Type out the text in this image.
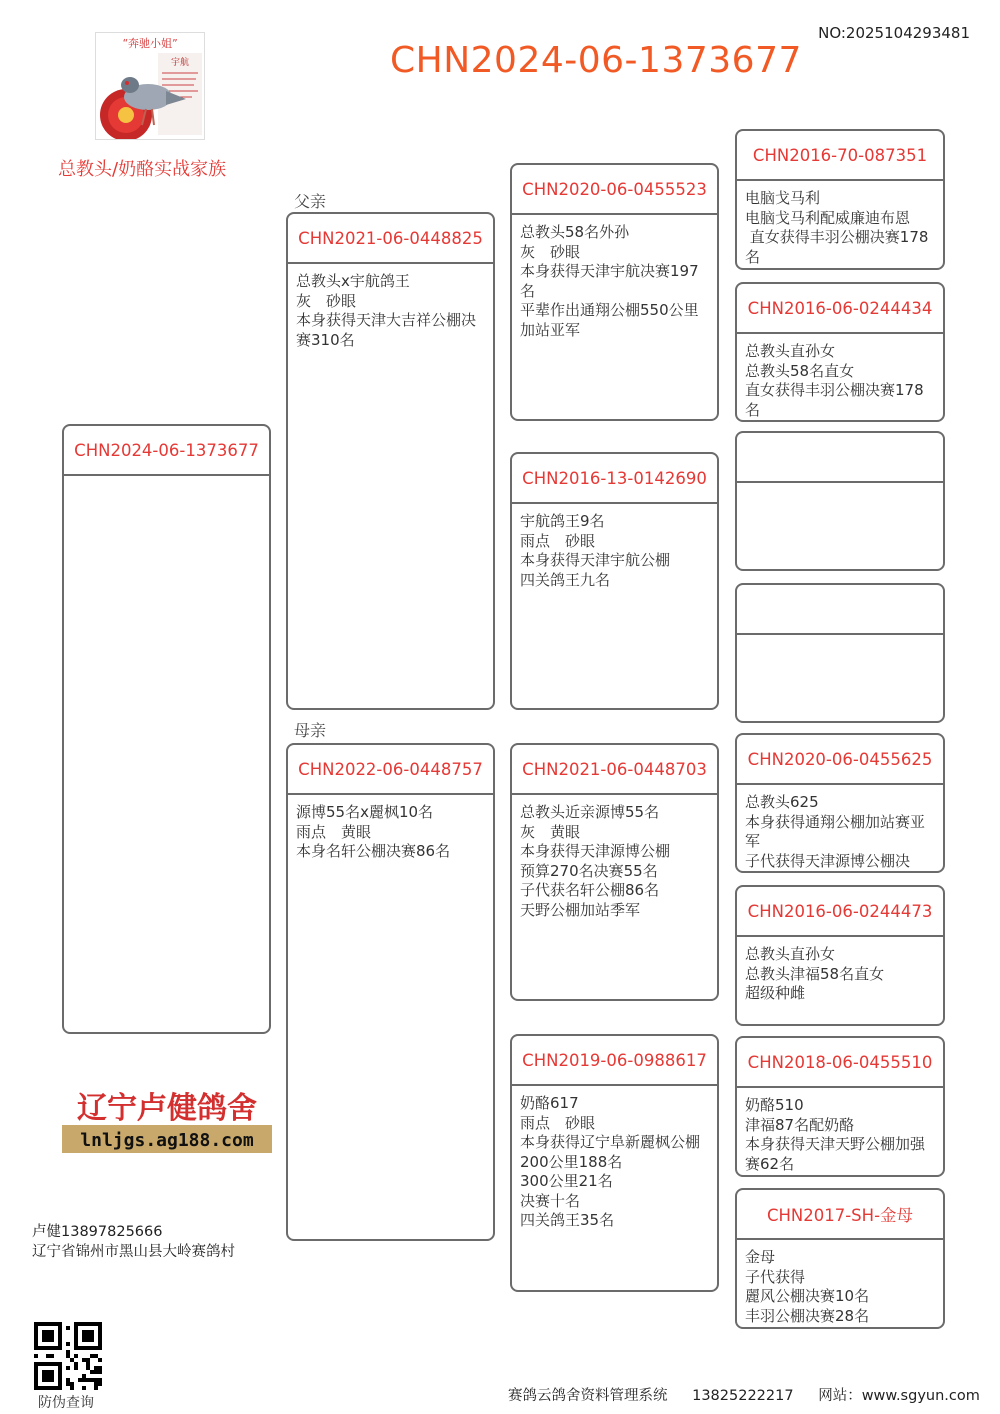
NO:2025104293481
CHN2024-06-1373677
“奔驰小姐”
宇航
总教头/奶酪实战家族
父亲
母亲
CHN2024-06-1373677
CHN2021-06-0448825
总教头x宇航鸽王
灰　砂眼
本身获得天津大吉祥公棚决赛310名
CHN2022-06-0448757
源博55名x麗枫10名
雨点　黄眼
本身名轩公棚决赛86名
CHN2020-06-0455523
总教头58名外孙
灰　砂眼
本身获得天津宇航决赛197名
平辈作出通翔公棚550公里加站亚军
CHN2016-13-0142690
宇航鸽王9名
雨点　砂眼
本身获得天津宇航公棚
四关鸽王九名
CHN2021-06-0448703
总教头近亲源博55名
灰　黄眼
本身获得天津源博公棚
预算270名决赛55名
子代获名轩公棚86名
天野公棚加站季军
CHN2019-06-0988617
奶酪617
雨点　砂眼
本身获得辽宁阜新麗枫公棚
200公里188名
300公里21名
决赛十名
四关鸽王35名
CHN2016-70-087351
电脑戈马利
电脑戈马利配威廉迪布恩
直女获得丰羽公棚决赛178名
CHN2016-06-0244434
总教头直孙女
总教头58名直女
直女获得丰羽公棚决赛178名
CHN2020-06-0455625
总教头625
本身获得通翔公棚加站赛亚军
子代获得天津源博公棚决
CHN2016-06-0244473
总教头直孙女
总教头津福58名直女
超级种雌
CHN2018-06-0455510
奶酪510
津福87名配奶酪
本身获得天津天野公棚加强赛62名
CHN2017-SH-金母
金母
子代获得
麗风公棚决赛10名
丰羽公棚决赛28名
辽宁卢健鸽舍
lnljgs.ag188.com
卢健13897825666
辽宁省锦州市黑山县大岭赛鸽村
防伪查询	赛鸽云鸽舍资料管理系统 13825222217 网站：www.sgyun.com
